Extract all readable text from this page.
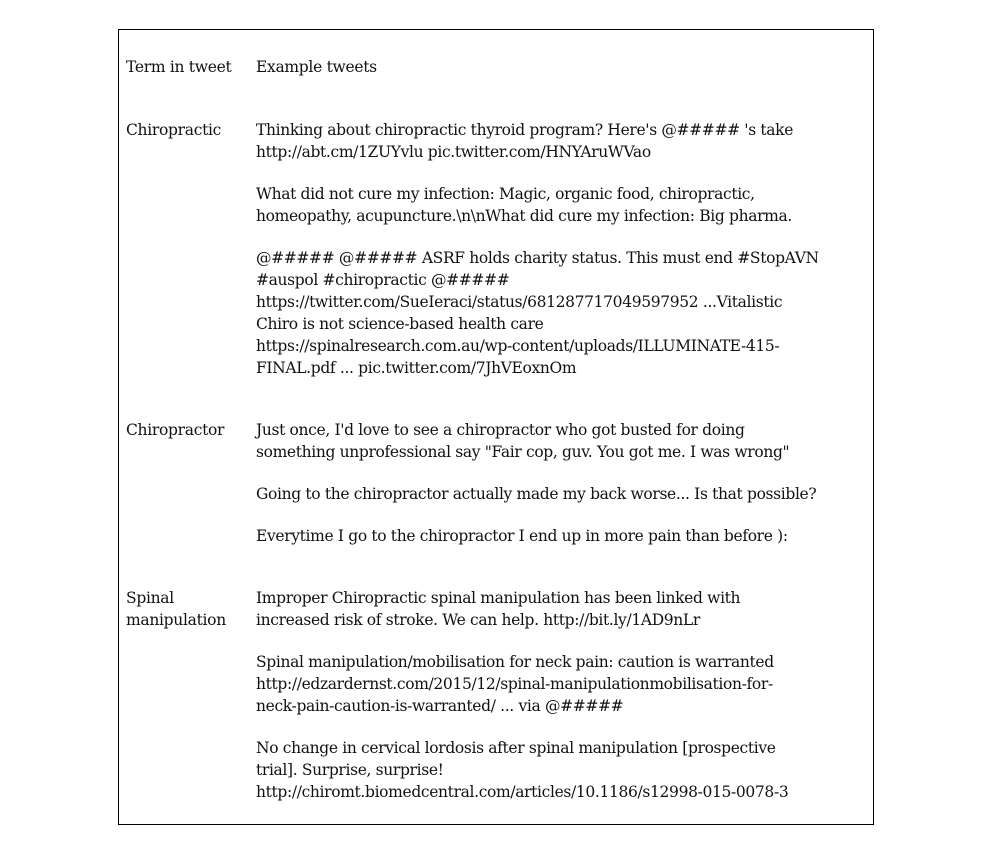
Term in tweet Example tweets
Chiropractic	Thinking about chiropractic thyroid program? Here's @##### 's take
http://abt.cm/1ZUYvlu pic.twitter.com/HNYAruWVao

What did not cure my infection: Magic, organic food, chiropractic,
homeopathy, acupuncture.\n\nWhat did cure my infection: Big pharma.

@##### @##### ASRF holds charity status. This must end #StopAVN
#auspol #chiropractic @#####
https://twitter.com/SueIeraci/status/681287717049597952 ...Vitalistic
Chiro is not science-based health care
https://spinalresearch.com.au/wp-content/uploads/ILLUMINATE-415-
FINAL.pdf ... pic.twitter.com/7JhVEoxnOm

Chiropractor	Just once, I'd love to see a chiropractor who got busted for doing
something unprofessional say "Fair cop, guv. You got me. I was wrong"

Going to the chiropractor actually made my back worse... Is that possible?

Everytime I go to the chiropractor I end up in more pain than before ):

Spinal
manipulation

Improper Chiropractic spinal manipulation has been linked with
increased risk of stroke. We can help. http://bit.ly/1AD9nLr

Spinal manipulation/mobilisation for neck pain: caution is warranted
http://edzardernst.com/2015/12/spinal-manipulationmobilisation-for-
neck-pain-caution-is-warranted/ ... via @#####

No change in cervical lordosis after spinal manipulation [prospective
trial]. Surprise, surprise!
http://chiromt.biomedcentral.com/articles/10.1186/s12998-015-0078-3
